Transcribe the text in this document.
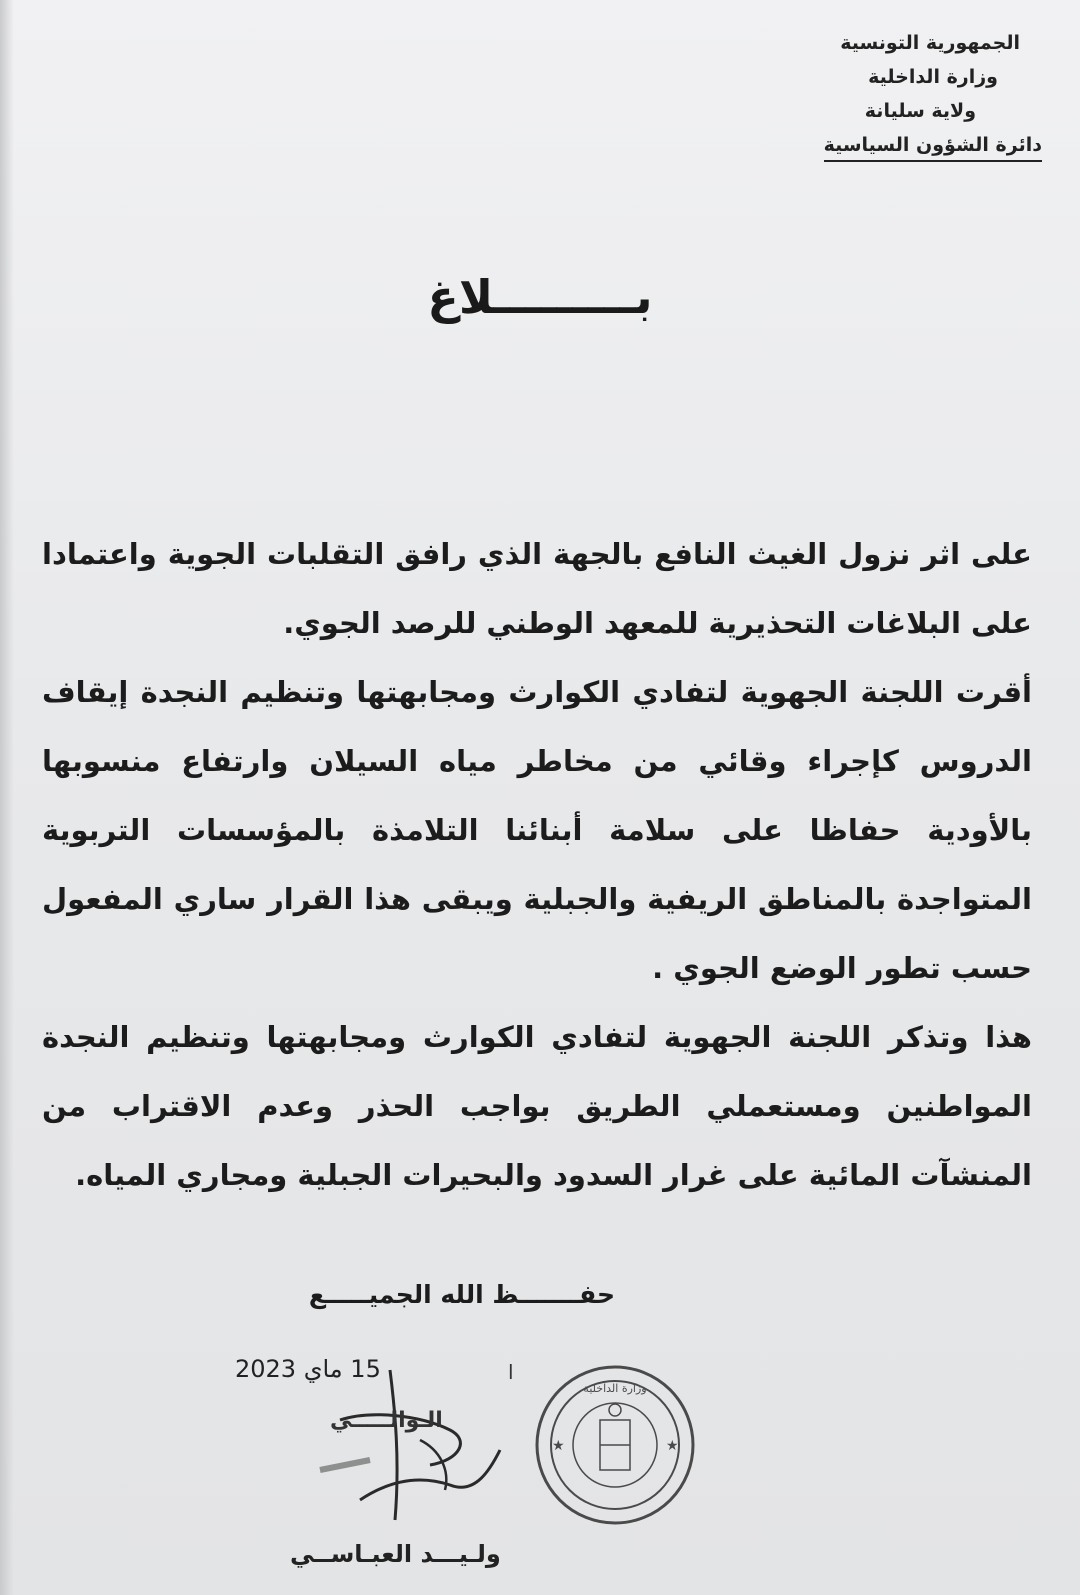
الجمهورية التونسية
وزارة الداخلية
ولاية سليانة
دائرة الشؤون السياسية
بـــــــــلاغ

على اثر نزول الغيث النافع بالجهة الذي رافق التقلبات الجوية واعتمادا على البلاغات التحذيرية للمعهد الوطني للرصد الجوي.

أقرت اللجنة الجهوية لتفادي الكوارث ومجابهتها وتنظيم النجدة إيقاف الدروس كإجراء وقائي من مخاطر مياه السيلان وارتفاع منسوبها بالأودية حفاظا على سلامة أبنائنا التلامذة بالمؤسسات التربوية المتواجدة بالمناطق الريفية والجبلية ويبقى هذا القرار ساري المفعول حسب تطور الوضع الجوي .

هذا وتذكر اللجنة الجهوية لتفادي الكوارث ومجابهتها وتنظيم النجدة المواطنين ومستعملي الطريق بواجب الحذر وعدم الاقتراب من المنشآت المائية على غرار السدود والبحيرات الجبلية ومجاري المياه.

حفـــــــظ الله الجميـــــع
15 ماي 2023	ا
الـوالـــــي
وزارة الداخلية
★	★
ولـيـــد العبـاســي
